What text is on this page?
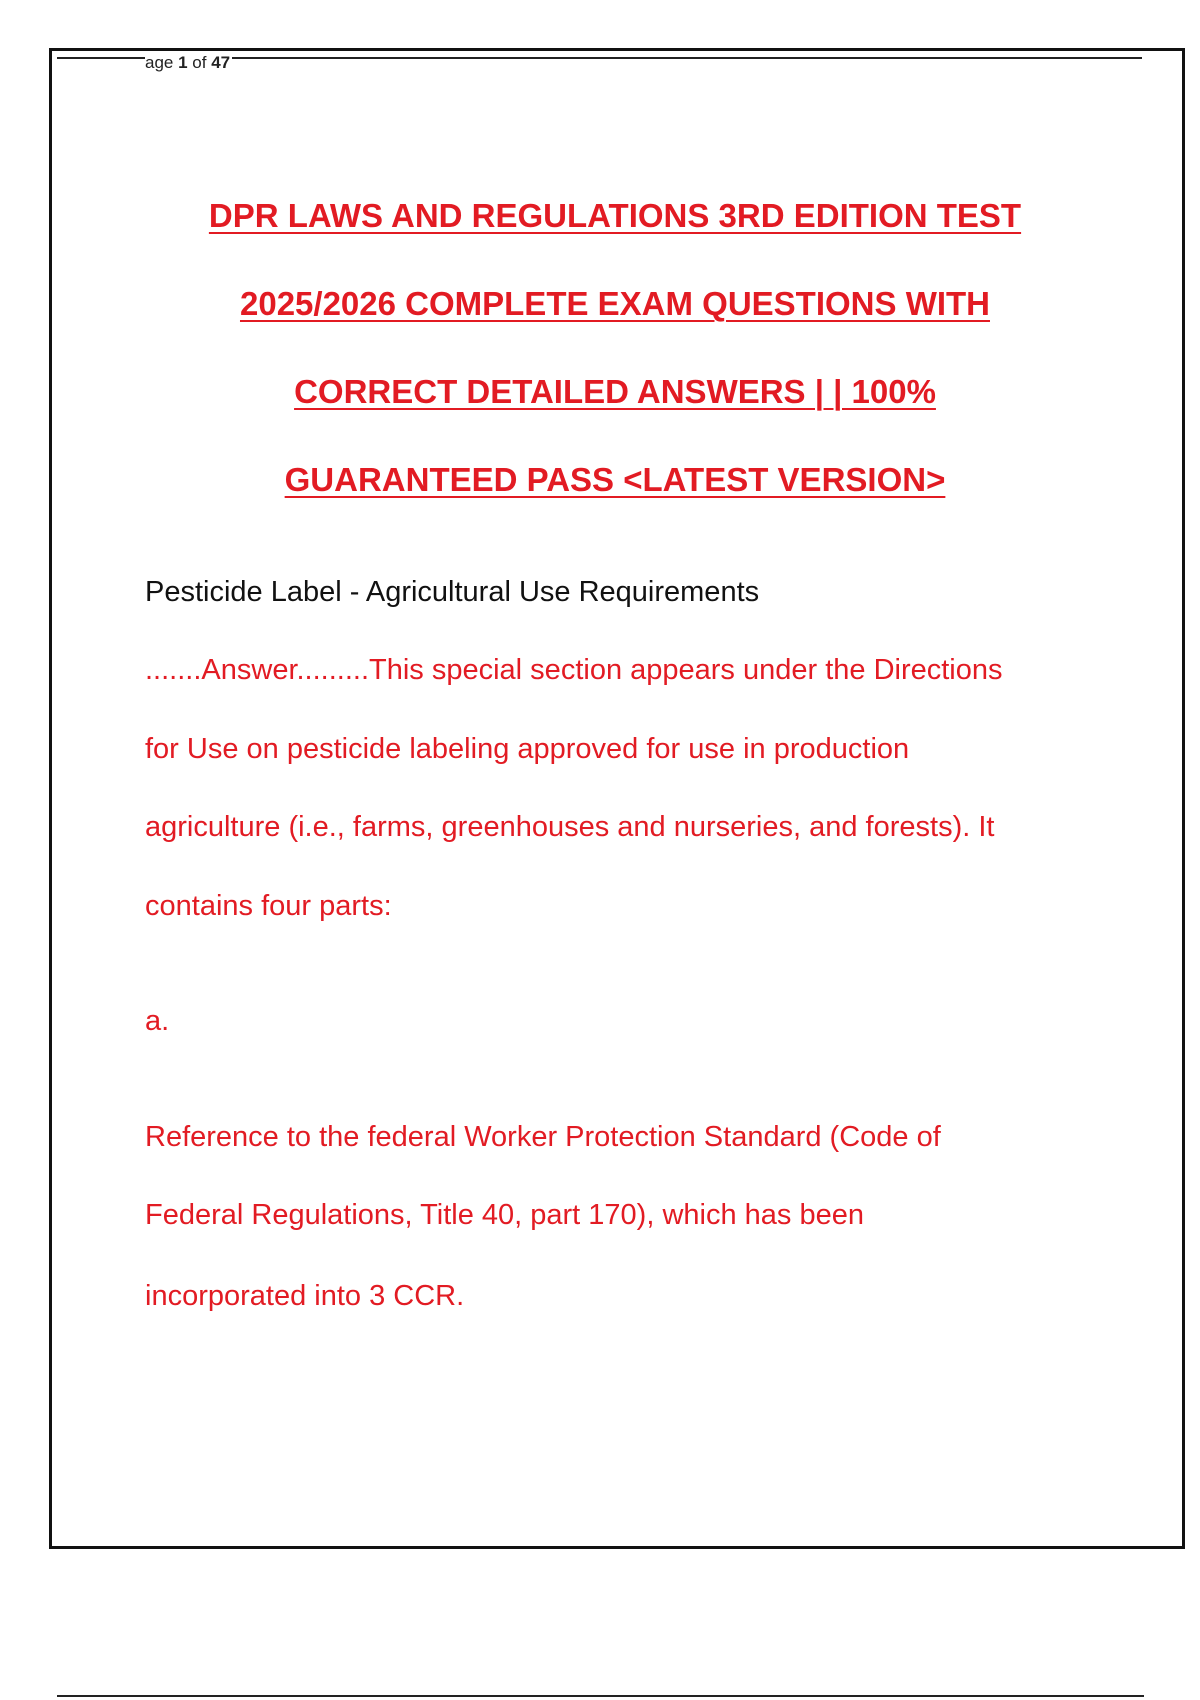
age 1 of 47
DPR LAWS AND REGULATIONS 3RD EDITION TEST
2025/2026 COMPLETE EXAM QUESTIONS WITH
CORRECT DETAILED ANSWERS | | 100%
GUARANTEED PASS <LATEST VERSION>
Pesticide Label - Agricultural Use Requirements
.......Answer.........This special section appears under the Directions
for Use on pesticide labeling approved for use in production
agriculture (i.e., farms, greenhouses and nurseries, and forests). It
contains four parts:
a.
Reference to the federal Worker Protection Standard (Code of
Federal Regulations, Title 40, part 170), which has been
incorporated into 3 CCR.
